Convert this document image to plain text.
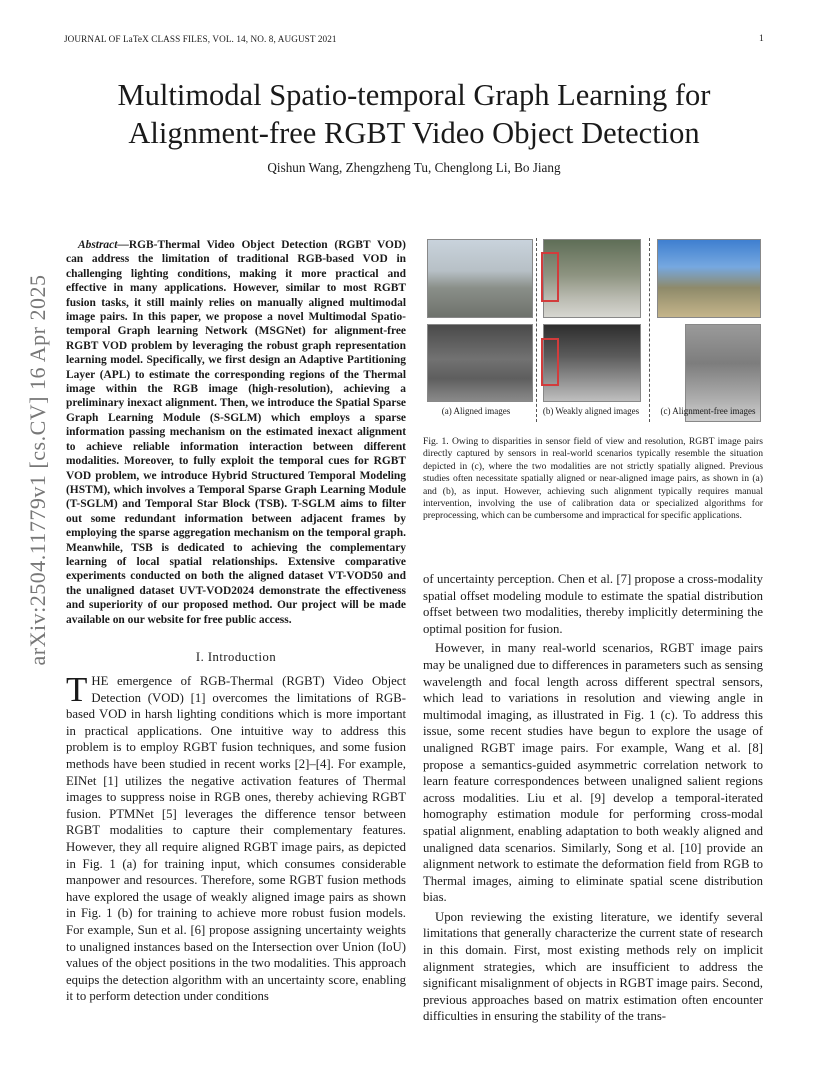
JOURNAL OF LaTeX CLASS FILES, VOL. 14, NO. 8, AUGUST 2021	1
arXiv:2504.11779v1 [cs.CV] 16 Apr 2025
Multimodal Spatio-temporal Graph Learning for Alignment-free RGBT Video Object Detection
Qishun Wang, Zhengzheng Tu, Chenglong Li, Bo Jiang
Abstract—RGB-Thermal Video Object Detection (RGBT VOD) can address the limitation of traditional RGB-based VOD in challenging lighting conditions, making it more practical and effective in many applications. However, similar to most RGBT fusion tasks, it still mainly relies on manually aligned multimodal image pairs. In this paper, we propose a novel Multimodal Spatio-temporal Graph learning Network (MSGNet) for alignment-free RGBT VOD problem by leveraging the robust graph representation learning model. Specifically, we first design an Adaptive Partitioning Layer (APL) to estimate the corresponding regions of the Thermal image within the RGB image (high-resolution), achieving a preliminary inexact alignment. Then, we introduce the Spatial Sparse Graph Learning Module (S-SGLM) which employs a sparse information passing mechanism on the estimated inexact alignment to achieve reliable information interaction between different modalities. Moreover, to fully exploit the temporal cues for RGBT VOD problem, we introduce Hybrid Structured Temporal Modeling (HSTM), which involves a Temporal Sparse Graph Learning Module (T-SGLM) and Temporal Star Block (TSB). T-SGLM aims to filter out some redundant information between adjacent frames by employing the sparse aggregation mechanism on the temporal graph. Meanwhile, TSB is dedicated to achieving the complementary learning of local spatial relationships. Extensive comparative experiments conducted on both the aligned dataset VT-VOD50 and the unaligned dataset UVT-VOD2024 demonstrate the effectiveness and superiority of our proposed method. Our project will be made available on our website for free public access.
I. Introduction
THE emergence of RGB-Thermal (RGBT) Video Object Detection (VOD) [1] overcomes the limitations of RGB-based VOD in harsh lighting conditions which is more important in practical applications. One intuitive way to address this problem is to employ RGBT fusion techniques, and some fusion methods have been studied in recent works [2]–[4]. For example, EINet [1] utilizes the negative activation features of Thermal images to suppress noise in RGB ones, thereby achieving RGBT fusion. PTMNet [5] leverages the difference tensor between RGBT modalities to capture their complementary features. However, they all require aligned RGBT image pairs, as depicted in Fig. 1 (a) for training input, which consumes considerable manpower and resources. Therefore, some RGBT fusion methods have explored the usage of weakly aligned image pairs as shown in Fig. 1 (b) for training to achieve more robust fusion models. For example, Sun et al. [6] propose assigning uncertainty weights to unaligned instances based on the Intersection over Union (IoU) values of the object positions in the two modalities. This approach equips the detection algorithm with an uncertainty score, enabling it to perform detection under conditions
(a) Aligned images	(b) Weakly aligned images	(c) Alignment-free images
Fig. 1. Owing to disparities in sensor field of view and resolution, RGBT image pairs directly captured by sensors in real-world scenarios typically resemble the situation depicted in (c), where the two modalities are not strictly spatially aligned. Previous studies often necessitate spatially aligned or near-aligned image pairs, as shown in (a) and (b), as input. However, achieving such alignment typically requires manual intervention, involving the use of calibration data or specialized algorithms for preprocessing, which can be cumbersome and impractical for specific applications.

of uncertainty perception. Chen et al. [7] propose a cross-modality spatial offset modeling module to estimate the spatial distribution offset between two modalities, thereby implicitly determining the optimal position for fusion.

However, in many real-world scenarios, RGBT image pairs may be unaligned due to differences in parameters such as sensing wavelength and focal length across different spectral sensors, which lead to variations in resolution and viewing angle in multimodal imaging, as illustrated in Fig. 1 (c). To address this issue, some recent studies have begun to explore the usage of unaligned RGBT image pairs. For example, Wang et al. [8] propose a semantics-guided asymmetric correlation network to learn feature correspondences between unaligned salient regions across modalities. Liu et al. [9] develop a temporal-iterated homography estimation module for performing cross-modal spatial alignment, enabling adaptation to both weakly aligned and unaligned data scenarios. Similarly, Song et al. [10] provide an alignment network to estimate the deformation field from RGB to Thermal images, aiming to eliminate spatial scene distribution bias.

Upon reviewing the existing literature, we identify several limitations that generally characterize the current state of research in this domain. First, most existing methods rely on implicit alignment strategies, which are insufficient to address the significant misalignment of objects in RGBT image pairs. Second, previous approaches based on matrix estimation often encounter difficulties in ensuring the stability of the trans-
